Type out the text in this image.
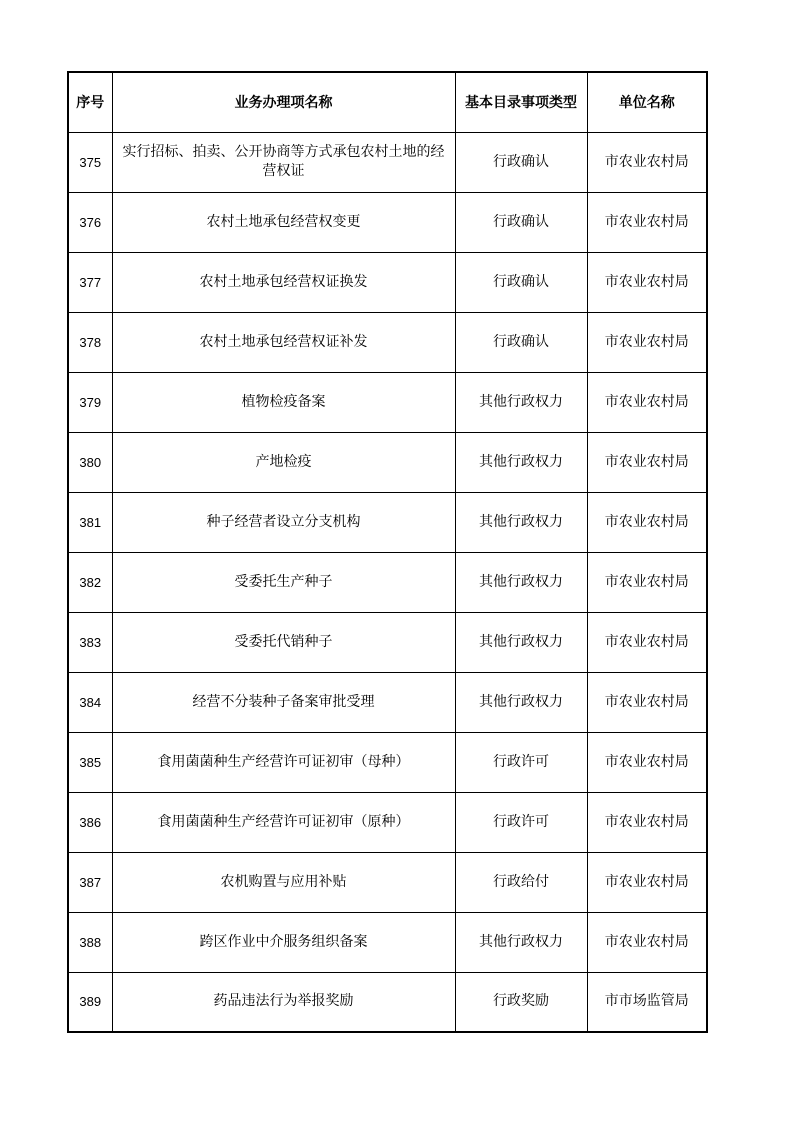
序号	业务办理项名称	基本目录事项类型	单位名称
375	实行招标、拍卖、公开协商等方式承包农村土地的经营权证	行政确认	市农业农村局
376	农村土地承包经营权变更	行政确认	市农业农村局
377	农村土地承包经营权证换发	行政确认	市农业农村局
378	农村土地承包经营权证补发	行政确认	市农业农村局
379	植物检疫备案	其他行政权力	市农业农村局
380	产地检疫	其他行政权力	市农业农村局
381	种子经营者设立分支机构	其他行政权力	市农业农村局
382	受委托生产种子	其他行政权力	市农业农村局
383	受委托代销种子	其他行政权力	市农业农村局
384	经营不分装种子备案审批受理	其他行政权力	市农业农村局
385	食用菌菌种生产经营许可证初审（母种）	行政许可	市农业农村局
386	食用菌菌种生产经营许可证初审（原种）	行政许可	市农业农村局
387	农机购置与应用补贴	行政给付	市农业农村局
388	跨区作业中介服务组织备案	其他行政权力	市农业农村局
389	药品违法行为举报奖励	行政奖励	市市场监管局
